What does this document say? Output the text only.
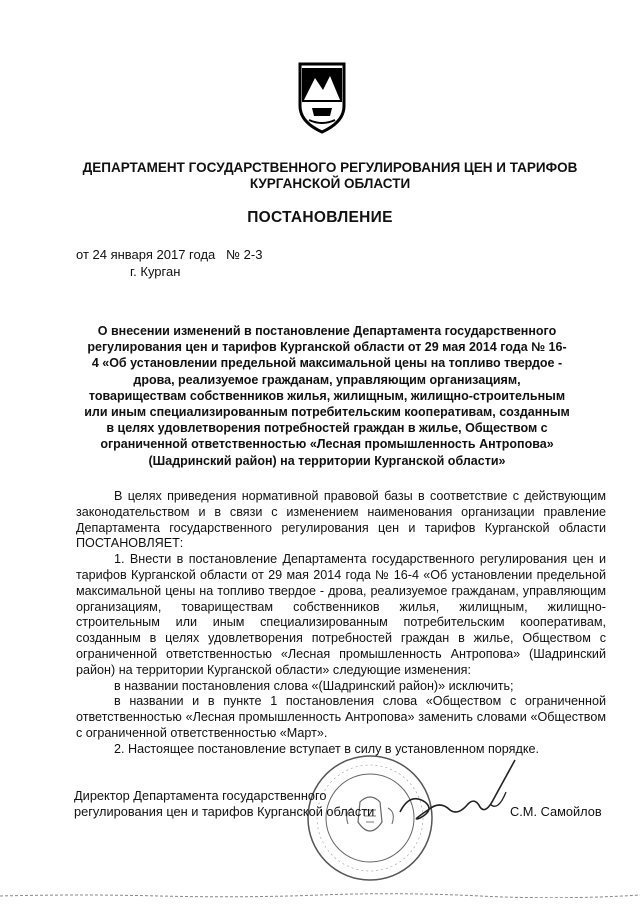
ДЕПАРТАМЕНТ ГОСУДАРСТВЕННОГО РЕГУЛИРОВАНИЯ ЦЕН И ТАРИФОВ КУРГАНСКОЙ ОБЛАСТИ
ПОСТАНОВЛЕНИЕ
от 24 января 2017 года   № 2-3
г. Курган
О внесении изменений в постановление Департамента государственного регулирования цен и тарифов Курганской области от 29 мая 2014 года № 16-4 «Об установлении предельной максимальной цены на топливо твердое - дрова, реализуемое гражданам, управляющим организациям, товариществам собственников жилья, жилищным, жилищно-строительным или иным специализированным потребительским кооперативам, созданным в целях удовлетворения потребностей граждан в жилье, Обществом с ограниченной ответственностью «Лесная промышленность Антропова» (Шадринский район) на территории Курганской области»

В целях приведения нормативной правовой базы в соответствие с действующим законодательством и в связи с изменением наименования организации правление Департамента государственного регулирования цен и тарифов Курганской области ПОСТАНОВЛЯЕТ:

1. Внести в постановление Департамента государственного регулирования цен и тарифов Курганской области от 29 мая 2014 года № 16-4 «Об установлении предельной максимальной цены на топливо твердое - дрова, реализуемое гражданам, управляющим организациям, товариществам собственников жилья, жилищным, жилищно-строительным или иным специализированным потребительским кооперативам, созданным в целях удовлетворения потребностей граждан в жилье, Обществом с ограниченной ответственностью «Лесная промышленность Антропова» (Шадринский район) на территории Курганской области» следующие изменения:

в названии постановления слова «(Шадринский район)» исключить;

в названии и в пункте 1 постановления слова «Обществом с ограниченной ответственностью «Лесная промышленность Антропова» заменить словами «Обществом с ограниченной ответственностью «Март».

2. Настоящее постановление вступает в силу в установленном порядке.

Директор Департамента государственного
регулирования цен и тарифов Курганской области	С.М. Самойлов
